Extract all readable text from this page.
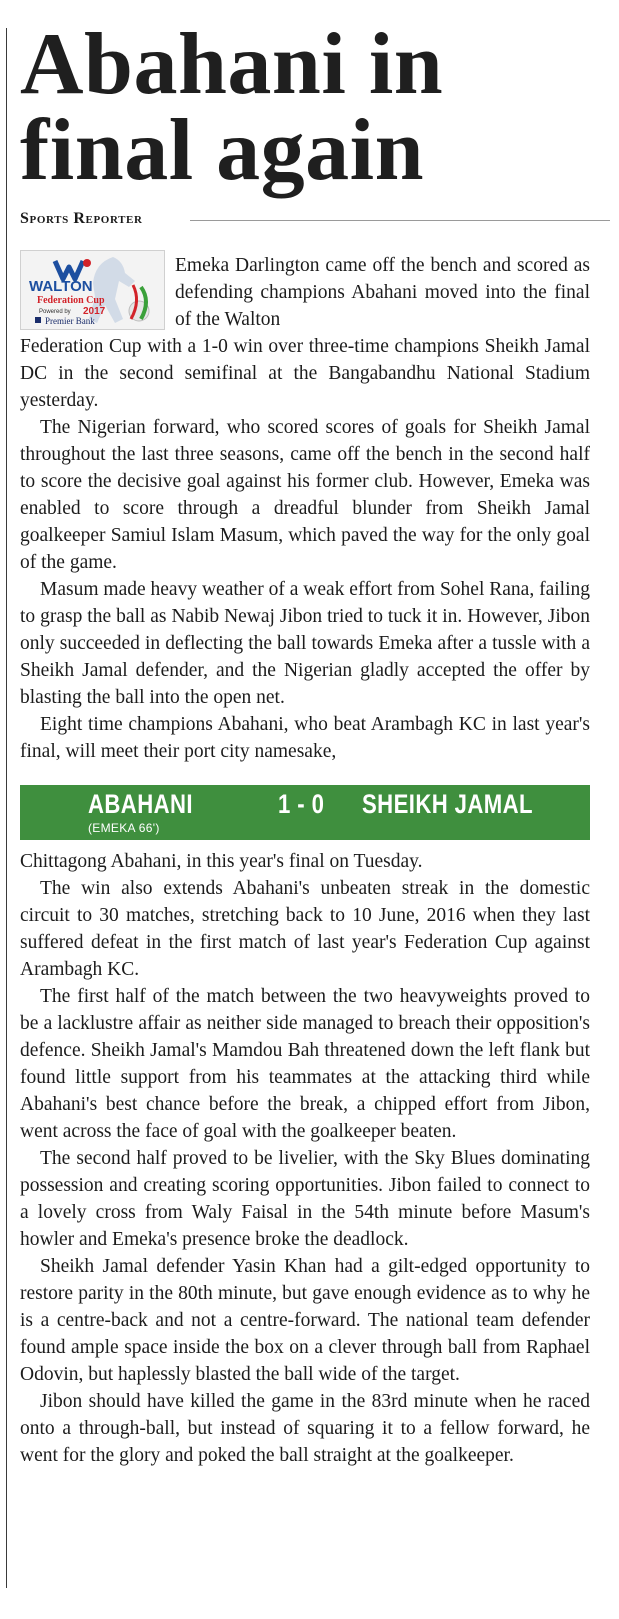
Abahani in
final again
Sports Reporter
WALTON
Federation Cup
2017
Powered by
Premier Bank
Emeka Darlington came off the bench and scored as defending champions Abahani moved into the final of the Walton

Federation Cup with a 1-0 win over three-time champions Sheikh Jamal DC in the second semifinal at the Bangabandhu National Stadium yesterday.

The Nigerian forward, who scored scores of goals for Sheikh Jamal throughout the last three seasons, came off the bench in the second half to score the decisive goal against his former club. However, Emeka was enabled to score through a dreadful blunder from Sheikh Jamal goalkeeper Samiul Islam Masum, which paved the way for the only goal of the game.

Masum made heavy weather of a weak effort from Sohel Rana, failing to grasp the ball as Nabib Newaj Jibon tried to tuck it in. However, Jibon only succeeded in deflecting the ball towards Emeka after a tussle with a Sheikh Jamal defender, and the Nigerian gladly accepted the offer by blasting the ball into the open net.

Eight time champions Abahani, who beat Arambagh KC in last year's final, will meet their port city namesake,

ABAHANI	1 - 0 SHEIKH JAMAL
(EMEKA 66')

Chittagong Abahani, in this year's final on Tuesday.

The win also extends Abahani's unbeaten streak in the domestic circuit to 30 matches, stretching back to 10 June, 2016 when they last suffered defeat in the first match of last year's Federation Cup against Arambagh KC.

The first half of the match between the two heavyweights proved to be a lacklustre affair as neither side managed to breach their opposition's defence. Sheikh Jamal's Mamdou Bah threatened down the left flank but found little support from his teammates at the attacking third while Abahani's best chance before the break, a chipped effort from Jibon, went across the face of goal with the goalkeeper beaten.

The second half proved to be livelier, with the Sky Blues dominating possession and creating scoring opportunities. Jibon failed to connect to a lovely cross from Waly Faisal in the 54th minute before Masum's howler and Emeka's presence broke the deadlock.

Sheikh Jamal defender Yasin Khan had a gilt-edged opportunity to restore parity in the 80th minute, but gave enough evidence as to why he is a centre-back and not a centre-forward. The national team defender found ample space inside the box on a clever through ball from Raphael Odovin, but haplessly blasted the ball wide of the target.

Jibon should have killed the game in the 83rd minute when he raced onto a through-ball, but instead of squaring it to a fellow forward, he went for the glory and poked the ball straight at the goalkeeper.
